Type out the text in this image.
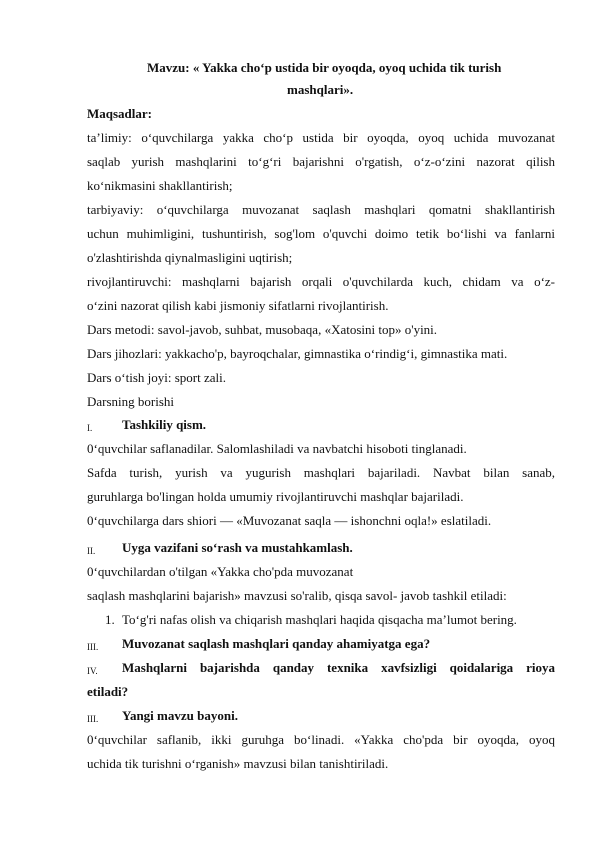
Mavzu: « Yakka cho‘p ustida bir oyoqda, oyoq uchida tik turish
mashqlari».
Maqsadlar:
ta’limiy: o‘quvchilarga yakka cho‘p ustida bir oyoqda, oyoq uchida muvozanat
saqlab yurish mashqlarini to‘g‘ri bajarishni o'rgatish, o‘z-o‘zini nazorat qilish
ko‘nikmasini shakllantirish;
tarbiyaviy: o‘quvchilarga muvozanat saqlash mashqlari qomatni shakllantirish
uchun muhimligini, tushuntirish, sog'lom o'quvchi doimo tetik bo‘lishi va fanlarni
o'zlashtirishda qiynalmasligini uqtirish;
rivojlantiruvchi: mashqlarni bajarish orqali o'quvchilarda kuch, chidam va o‘z-
o‘zini nazorat qilish kabi jismoniy sifatlarni rivojlantirish.
Dars metodi: savol-javob, suhbat, musobaqa, «Xatosini top» o'yini.
Dars jihozlari: yakkacho'p, bayroqchalar, gimnastika o‘rindig‘i, gimnastika mati.
Dars o‘tish joyi: sport zali.
Darsning borishi
I. Tashkiliy qism.
0‘quvchilar saflanadilar. Salomlashiladi va navbatchi hisoboti tinglanadi.
Safda turish, yurish va yugurish mashqlari bajariladi. Navbat bilan sanab,
guruhlarga bo'lingan holda umumiy rivojlantiruvchi mashqlar bajariladi.
0‘quvchilarga dars shiori — «Muvozanat saqla — ishonchni oqla!» eslatiladi.
II. Uyga vazifani so‘rash va mustahkamlash.
0‘quvchilardan o'tilgan «Yakka cho'pda muvozanat
saqlash mashqlarini bajarish» mavzusi so'ralib, qisqa savol- javob tashkil etiladi:
1. To‘g'ri nafas olish va chiqarish mashqlari haqida qisqacha ma’lumot bering.
III. Muvozanat saqlash mashqlari qanday ahamiyatga ega?
IV. Mashqlarni bajarishda qanday texnika xavfsizligi qoidalariga rioya
etiladi?
III. Yangi mavzu bayoni.
0‘quvchilar saflanib, ikki guruhga bo‘linadi. «Yakka cho'pda bir oyoqda, oyoq
uchida tik turishni o‘rganish» mavzusi bilan tanishtiriladi.
